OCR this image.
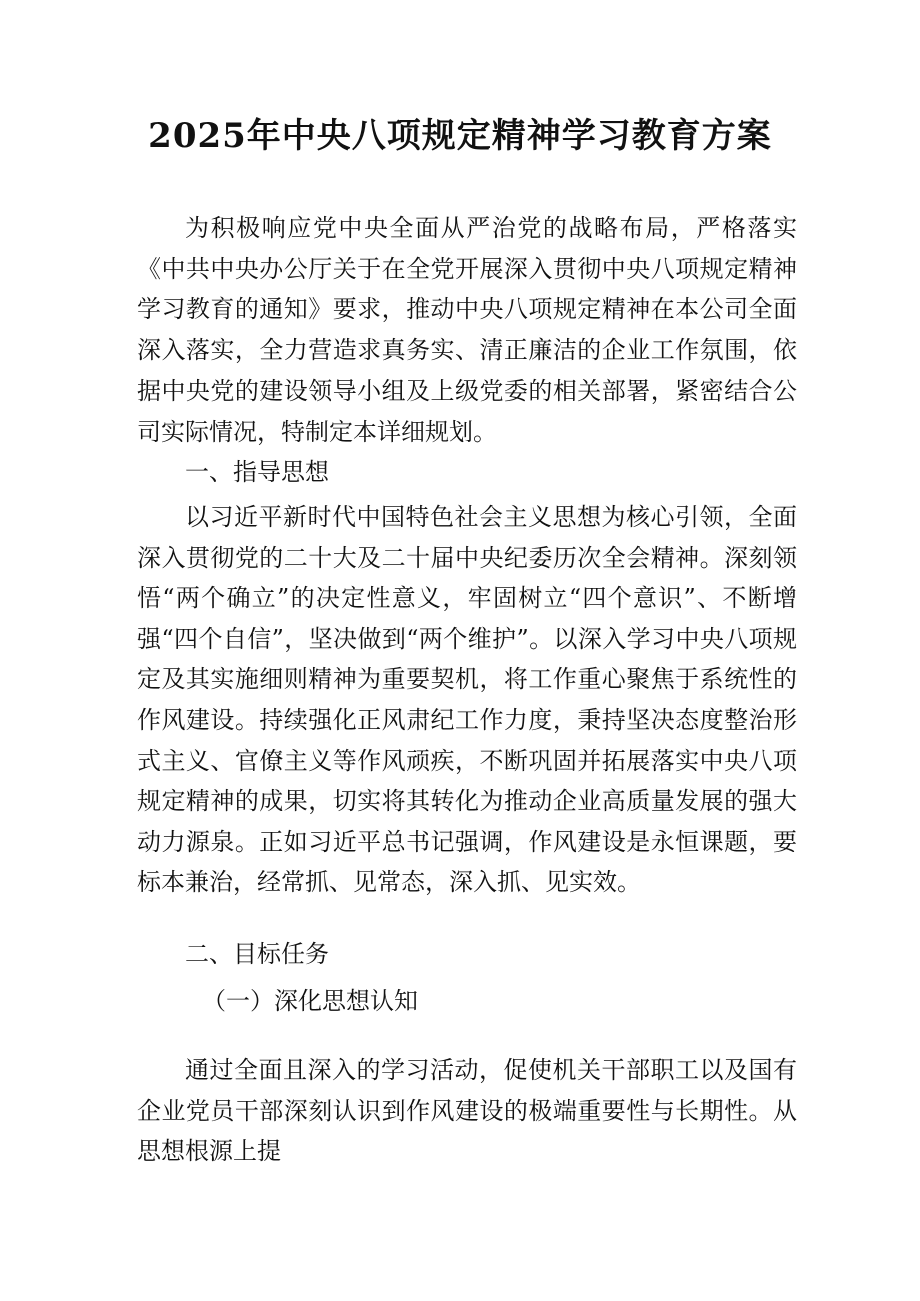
2025年中央八项规定精神学习教育方案

为积极响应党中央全面从严治党的战略布局，严格落实《中共中央办公厅关于在全党开展深入贯彻中央八项规定精神学习教育的通知》要求，推动中央八项规定精神在本公司全面深入落实，全力营造求真务实、清正廉洁的企业工作氛围，依据中央党的建设领导小组及上级党委的相关部署，紧密结合公司实际情况，特制定本详细规划。

一、指导思想

以习近平新时代中国特色社会主义思想为核心引领，全面深入贯彻党的二十大及二十届中央纪委历次全会精神。深刻领悟“两个确立”的决定性意义，牢固树立“四个意识”、不断增强“四个自信”，坚决做到“两个维护”。以深入学习中央八项规定及其实施细则精神为重要契机，将工作重心聚焦于系统性的作风建设。持续强化正风肃纪工作力度，秉持坚决态度整治形式主义、官僚主义等作风顽疾，不断巩固并拓展落实中央八项规定精神的成果，切实将其转化为推动企业高质量发展的强大动力源泉。正如习近平总书记强调，作风建设是永恒课题，要标本兼治，经常抓、见常态，深入抓、见实效。

二、目标任务

（一）深化思想认知

通过全面且深入的学习活动，促使机关干部职工以及国有企业党员干部深刻认识到作风建设的极端重要性与长期性。从思想根源上提
